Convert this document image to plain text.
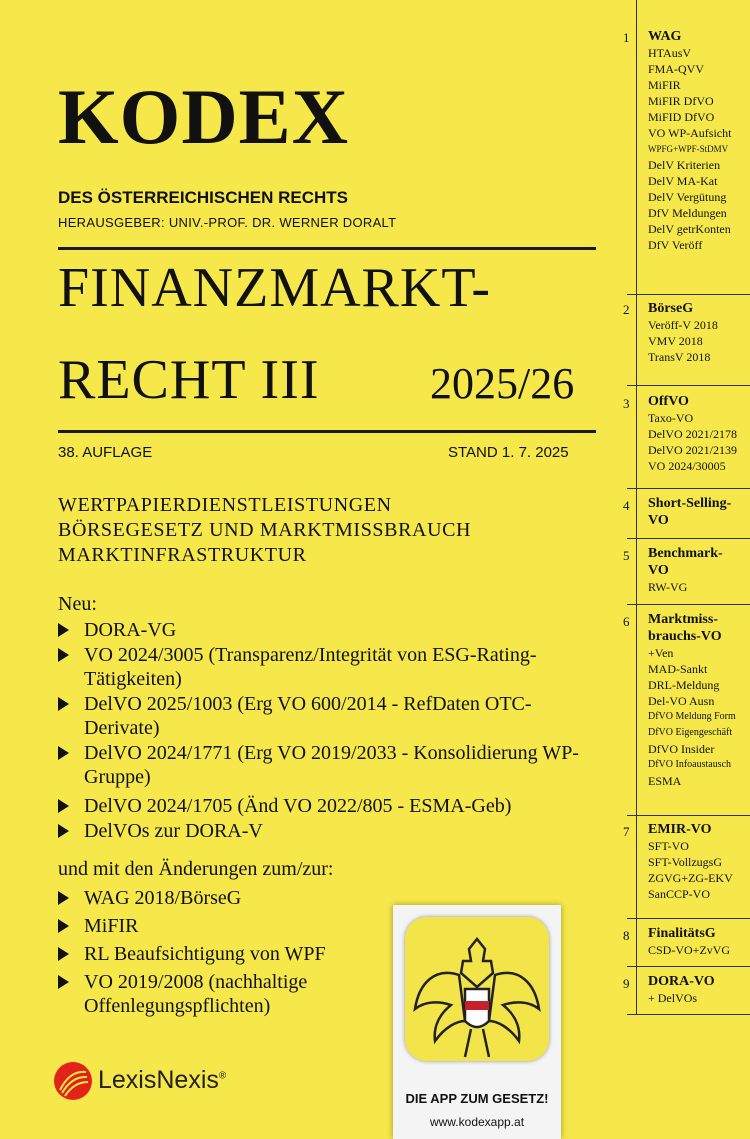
KODEX
DES ÖSTERREICHISCHEN RECHTS
HERAUSGEBER: UNIV.-PROF. DR. WERNER DORALT
FINANZMARKT-
RECHT III	2025/26
38. AUFLAGE	STAND 1. 7. 2025
WERTPAPIERDIENSTLEISTUNGEN
BÖRSEGESETZ UND MARKTMISSBRAUCH
MARKTINFRASTRUKTUR
Neu:
DORA-VG
VO 2024/3005 (Transparenz/Integrität von ESG-Rating-Tätigkeiten)
DelVO 2025/1003 (Erg VO 600/2014 - RefDaten OTC-Derivate)
DelVO 2024/1771 (Erg VO 2019/2033 - Konsolidierung WP-Gruppe)
DelVO 2024/1705 (Änd VO 2022/805 - ESMA-Geb)
DelVOs zur DORA-V
und mit den Änderungen zum/zur:
WAG 2018/BörseG
MiFIR
RL Beaufsichtigung von WPF
VO 2019/2008 (nachhaltige Offenlegungspflichten)
LexisNexis®
DIE APP ZUM GESETZ!
www.kodexapp.at
1 WAG
HTAusV
FMA-QVV
MiFIR
MiFIR DfVO
MiFID DfVO
VO WP-Aufsicht
WPFG+WPF-StDMV
DelV Kriterien
DelV MA-Kat
DelV Vergütung
DfV Meldungen
DelV getrKonten
DfV Veröff
2 BörseG
Veröff-V 2018
VMV 2018
TransV 2018
3 OffVO
Taxo-VO
DelVO 2021/2178
DelVO 2021/2139
VO 2024/30005
4 Short-Selling-VO
5 Benchmark-VO
RW-VG
6 Marktmiss-brauchs-VO
+Ven
MAD-Sankt
DRL-Meldung
Del-VO Ausn
DfVO Meldung Form
DfVO Eigengeschäft
DfVO Insider
DfVO Infoaustausch
ESMA
7 EMIR-VO
SFT-VO
SFT-VollzugsG
ZGVG+ZG-EKV
SanCCP-VO
8 FinalitätsG
CSD-VO+ZvVG
9 DORA-VO
+ DelVOs
